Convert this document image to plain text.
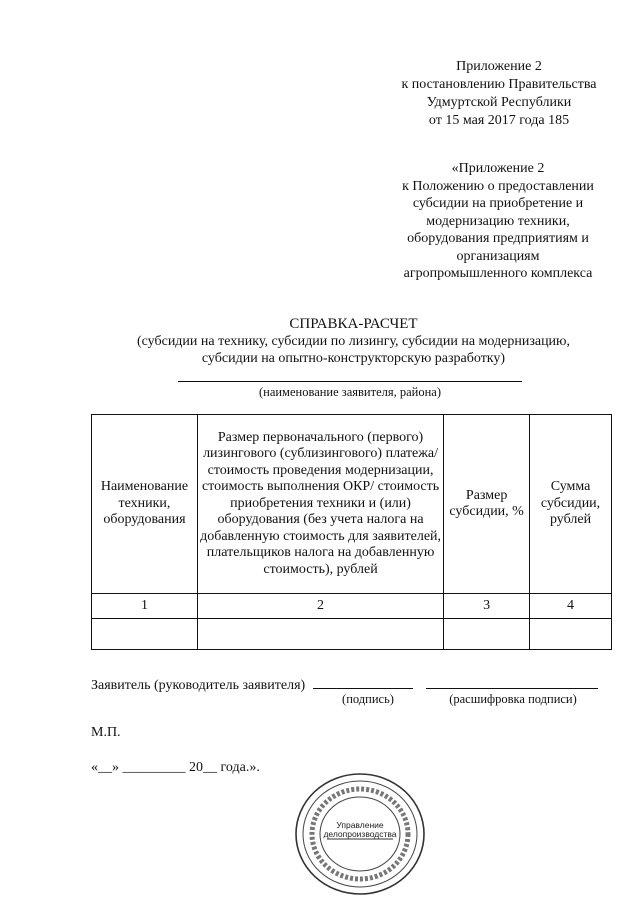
Приложение 2
к постановлению Правительства
Удмуртской Республики
от 15 мая 2017 года 185
«Приложение 2
к Положению о предоставлении
субсидии на приобретение и
модернизацию техники,
оборудования предприятиям и
организациям
агропромышленного комплекса
СПРАВКА-РАСЧЕТ
(субсидии на технику, субсидии по лизингу, субсидии на модернизацию,
субсидии на опытно-конструкторскую разработку)
(наименование заявителя, района)
Наименование техники, оборудования	Размер первоначального (первого) лизингового (сублизингового) платежа/стоимость проведения модернизации, стоимость выполнения ОКР/ стоимость приобретения техники и (или) оборудования (без учета налога на добавленную стоимость для заявителей, плательщиков налога на добавленную стоимость), рублей	Размер субсидии, %	Сумма субсидии, рублей
1	2	3	4

Заявитель (руководитель заявителя)
(подпись)	(расшифровка подписи)
М.П.
«__» _________ 20__ года.».
Управление
делопроизводства
